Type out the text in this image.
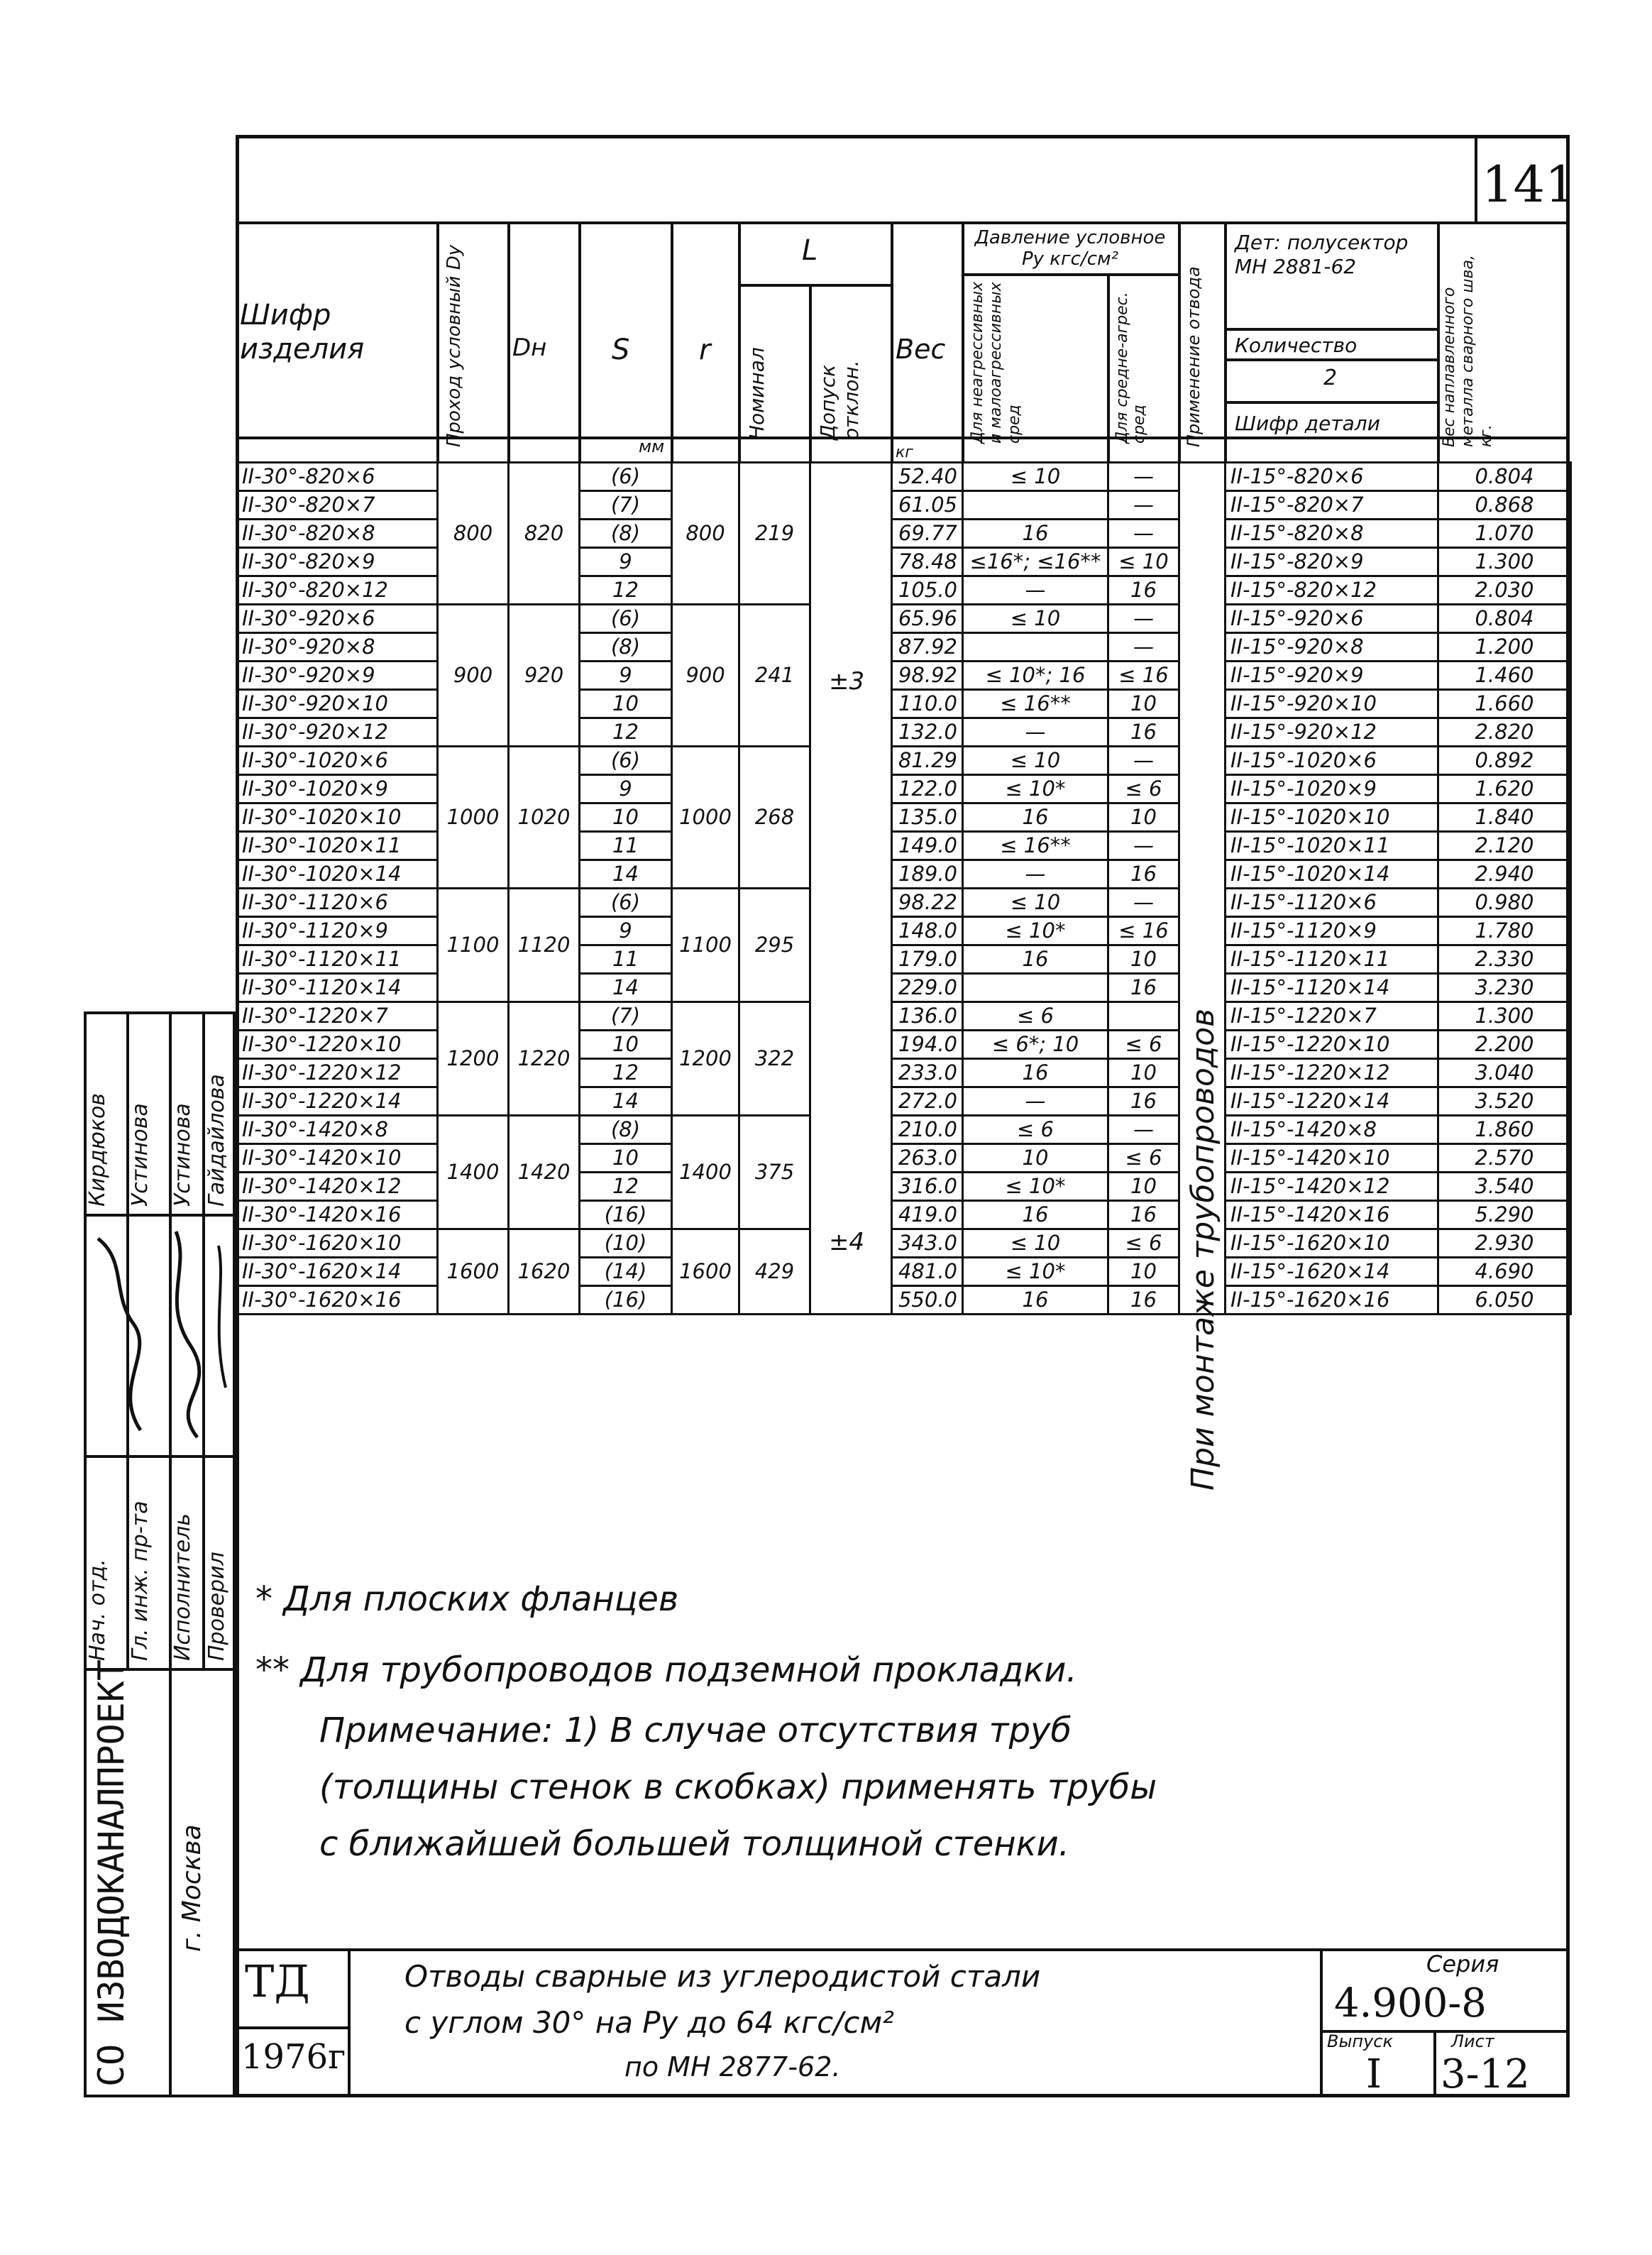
141
Шифр изделия	Проход условный Dy	Dн S r
L
Номинал Допуск отклон.
Вес
Давление условное Ру кгс/см²
Для неагрессивных и малоагрессивных сред	Для средне-агрес. сред	Применение отвода
Дет: полусектор МН 2881-62
Количество
2
Шифр детали	Вес наплавленного металла сварного шва, кг.
мм	кг
II-30°-820×6	800	820	(6)	800	219		52.40	≤ 10	—		II-15°-820×6	0.804
II-30°-820×7			(7)				61.05		—		II-15°-820×7	0.868
II-30°-820×8			(8)				69.77	16	—		II-15°-820×8	1.070
II-30°-820×9			9				78.48	≤16*; ≤16**	≤ 10		II-15°-820×9	1.300
II-30°-820×12			12				105.0	—	16		II-15°-820×12	2.030
II-30°-920×6	900	920	(6)	900	241		65.96	≤ 10	—		II-15°-920×6	0.804
II-30°-920×8			(8)				87.92		—		II-15°-920×8	1.200
II-30°-920×9			9				98.92	≤ 10*; 16	≤ 16		II-15°-920×9	1.460
II-30°-920×10			10				110.0	≤ 16**	10		II-15°-920×10	1.660
II-30°-920×12			12				132.0	—	16		II-15°-920×12	2.820
II-30°-1020×6	1000	1020	(6)	1000	268		81.29	≤ 10	—		II-15°-1020×6	0.892
II-30°-1020×9			9				122.0	≤ 10*	≤ 6		II-15°-1020×9	1.620
II-30°-1020×10			10				135.0	16	10		II-15°-1020×10	1.840
II-30°-1020×11			11				149.0	≤ 16**	—		II-15°-1020×11	2.120
II-30°-1020×14			14				189.0	—	16		II-15°-1020×14	2.940
II-30°-1120×6	1100	1120	(6)	1100	295		98.22	≤ 10	—		II-15°-1120×6	0.980
II-30°-1120×9			9				148.0	≤ 10*	≤ 16		II-15°-1120×9	1.780
II-30°-1120×11			11				179.0	16	10		II-15°-1120×11	2.330
II-30°-1120×14			14				229.0		16		II-15°-1120×14	3.230
II-30°-1220×7	1200	1220	(7)	1200	322		136.0	≤ 6			II-15°-1220×7	1.300
II-30°-1220×10			10				194.0	≤ 6*; 10	≤ 6		II-15°-1220×10	2.200
II-30°-1220×12			12				233.0	16	10		II-15°-1220×12	3.040
II-30°-1220×14			14				272.0	—	16		II-15°-1220×14	3.520
II-30°-1420×8	1400	1420	(8)	1400	375		210.0	≤ 6	—		II-15°-1420×8	1.860
II-30°-1420×10			10				263.0	10	≤ 6		II-15°-1420×10	2.570
II-30°-1420×12			12				316.0	≤ 10*	10		II-15°-1420×12	3.540
II-30°-1420×16			(16)				419.0	16	16		II-15°-1420×16	5.290
II-30°-1620×10	1600	1620	(10)	1600	429		343.0	≤ 10	≤ 6		II-15°-1620×10	2.930
II-30°-1620×14			(14)				481.0	≤ 10*	10		II-15°-1620×14	4.690
II-30°-1620×16			(16)				550.0	16	16		II-15°-1620×16	6.050
При монтаже трубопроводов
±3
±4
* Для плоских фланцев
** Для трубопроводов подземной прокладки.
Примечание: 1) В случае отсутствия труб
(толщины стенок в скобках) применять трубы
с ближайшей большей толщиной стенки.
ТД
1976г
Отводы сварные из углеродистой стали
с углом 30° на Ру до 64 кгс/см²
по МН 2877-62.
Серия
4.900-8
Выпуск
I
Лист
3-12
СО ИЗВОДОКАНАЛПРОЕКТ г. Москва
Нач. отд. Гл. инж. пр-та Исполнитель Проверил
Кирдюков Устинова Устинова Гайдайлова
